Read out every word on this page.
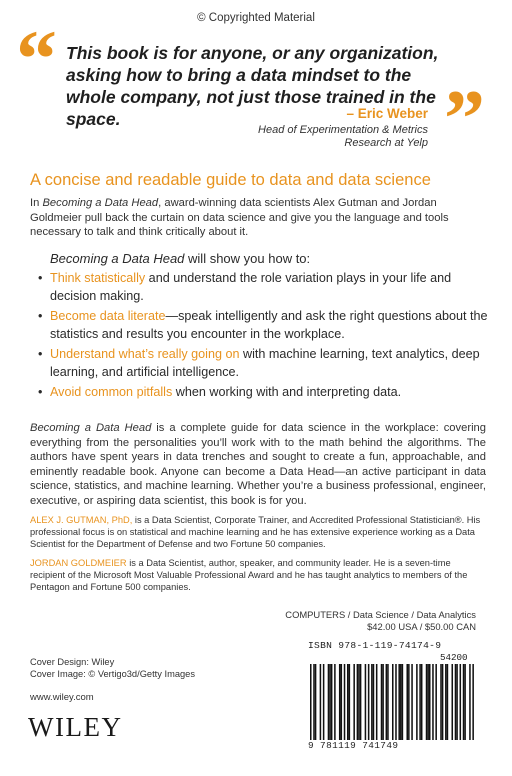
© Copyrighted Material
“ This book is for anyone, or any organization, asking how to bring a data mindset to the whole company, not just those trained in the space.	”
– Eric Weber
Head of Experimentation & Metrics Research at Yelp
A concise and readable guide to data and data science
In Becoming a Data Head, award-winning data scientists Alex Gutman and Jordan Goldmeier pull back the curtain on data science and give you the language and tools necessary to talk and think critically about it.
Becoming a Data Head will show you how to:
• Think statistically and understand the role variation plays in your life and decision making.
• Become data literate—speak intelligently and ask the right questions about the statistics and results you encounter in the workplace.
• Understand what’s really going on with machine learning, text analytics, deep learning, and artificial intelligence.
• Avoid common pitfalls when working with and interpreting data.
Becoming a Data Head is a complete guide for data science in the workplace: covering everything from the personalities you’ll work with to the math behind the algorithms. The authors have spent years in data trenches and sought to create a fun, approachable, and eminently readable book. Anyone can become a Data Head—an active participant in data science, statistics, and machine learning. Whether you’re a business professional, engineer, executive, or aspiring data scientist, this book is for you.
ALEX J. GUTMAN, PhD, is a Data Scientist, Corporate Trainer, and Accredited Professional Statistician®. His professional focus is on statistical and machine learning and he has extensive experience working as a Data Scientist for the Department of Defense and two Fortune 50 companies.
JORDAN GOLDMEIER is a Data Scientist, author, speaker, and community leader. He is a seven-time recipient of the Microsoft Most Valuable Professional Award and he has taught analytics to members of the Pentagon and Fortune 500 companies.
COMPUTERS / Data Science / Data Analytics
$42.00 USA / $50.00 CAN
Cover Design: Wiley
Cover Image: © Vertigo3d/Getty Images
www.wiley.com
WILEY
ISBN 978-1-119-74174-9
54200
9 781119 741749
